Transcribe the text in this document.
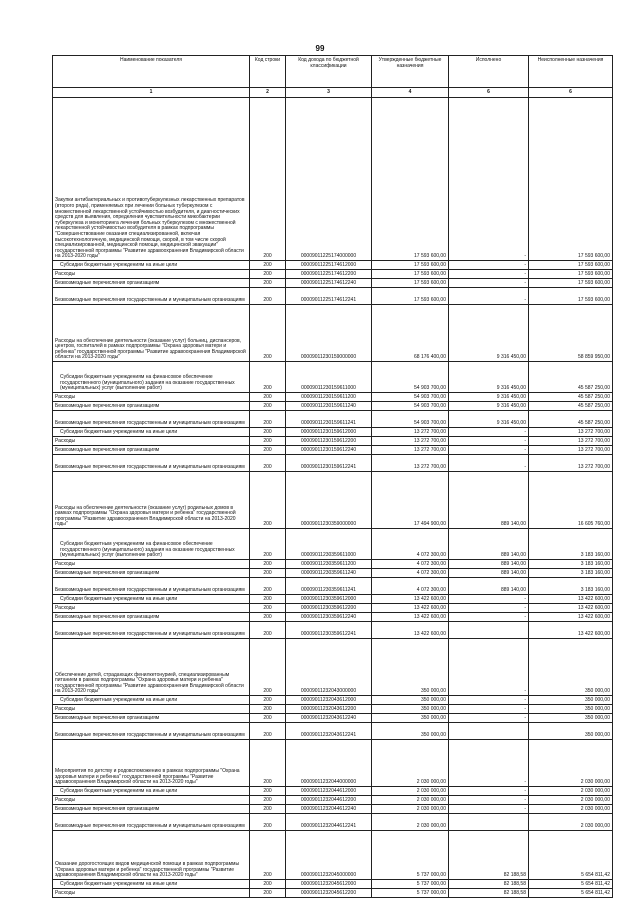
99
Наименование показателя	Код строки	Код дохода по бюджетной классификации	Утвержденные бюджетные назначения	Исполнено	Неисполненные назначения
1	2	3	4	6	6
Закупки антибактериальных и противотуберкулезных лекарственных препаратов (второго ряда), применяемых при лечении больных туберкулезом с множественной лекарственной устойчивостью возбудителя, и диагностических средств для выявления, определения чувствительности микобактерии туберкулеза и мониторинга лечения больных туберкулезом с множественной лекарственной устойчивостью возбудителя в рамках подпрограммы "Совершенствование оказания специализированной, включая высокотехнологичную, медицинской помощи, скорой, в том числе скорой специализированной, медицинской помощи, медицинской эвакуации" государственной программы "Развитие здравоохранения Владимирской области на 2013-2020 годы"	200	00009011225174000000	17 593 600,00	-	17 593 600,00
Субсидии бюджетным учреждениям на иные цели	200	00009011225174612000	17 593 600,00	-	17 593 600,00
Расходы	200	00009011225174612200	17 593 600,00	-	17 593 600,00
Безвозмездные перечисления организациям	200	00009011225174612240	17 593 600,00	-	17 593 600,00
Безвозмездные перечисления государственным и муниципальным организациям	200	00009011225174612241	17 593 600,00	-	17 593 600,00
Расходы на обеспечение деятельности (оказание услуг) больниц, диспансеров, центров, госпиталей в рамках подпрограммы "Охрана здоровья матери и ребенка" государственной программы "Развитие здравоохранения Владимирской области на 2013-2020 годы"	200	00009011230159000000	68 176 400,00	9 316 450,00	58 859 950,00
Субсидии бюджетным учреждениям на финансовое обеспечение государственного (муниципального) задания на оказание государственных (муниципальных) услуг (выполнение работ)	200	00009011230159611000	54 903 700,00	9 316 450,00	45 587 250,00
Расходы	200	00009011230159611200	54 903 700,00	9 316 450,00	45 587 250,00
Безвозмездные перечисления организациям	200	00009011230159611240	54 903 700,00	9 316 450,00	45 587 250,00
Безвозмездные перечисления государственным и муниципальным организациям	200	00009011230159611241	54 903 700,00	9 316 450,00	45 587 250,00
Субсидии бюджетным учреждениям на иные цели	200	00009011230159612000	13 272 700,00	-	13 272 700,00
Расходы	200	00009011230159612200	13 272 700,00	-	13 272 700,00
Безвозмездные перечисления организациям	200	00009011230159612240	13 272 700,00	-	13 272 700,00
Безвозмездные перечисления государственным и муниципальным организациям	200	00009011230159612241	13 272 700,00	-	13 272 700,00
Расходы на обеспечение деятельности (оказание услуг) родильных домов в рамках подпрограммы "Охрана здоровья матери и ребенка" государственной программы "Развитие здравоохранения Владимирской области на 2013-2020 годы"	200	00009011230359000000	17 494 900,00	889 140,00	16 605 760,00
Субсидии бюджетным учреждениям на финансовое обеспечение государственного (муниципального) задания на оказание государственных (муниципальных) услуг (выполнение работ)	200	00009011230359611000	4 072 300,00	889 140,00	3 183 160,00
Расходы	200	00009011230359611200	4 072 300,00	889 140,00	3 183 160,00
Безвозмездные перечисления организациям	200	00009011230359611240	4 072 300,00	889 140,00	3 183 160,00
Безвозмездные перечисления государственным и муниципальным организациям	200	00009011230359611241	4 072 300,00	889 140,00	3 183 160,00
Субсидии бюджетным учреждениям на иные цели	200	00009011230359612000	13 422 600,00	-	13 422 600,00
Расходы	200	00009011230359612200	13 422 600,00	-	13 422 600,00
Безвозмездные перечисления организациям	200	00009011230359612240	13 422 600,00	-	13 422 600,00
Безвозмездные перечисления государственным и муниципальным организациям	200	00009011230359612241	13 422 600,00		13 422 600,00
Обеспечение детей, страдающих фенилкетонурией, специализированным питанием в рамках подпрограммы "Охрана здоровья матери и ребенка" государственной программы "Развитие здравоохранения Владимирской области на 2013-2020 годы"	200	00009011232043000000	350 000,00	-	350 000,00
Субсидии бюджетным учреждениям на иные цели	200	00009011232043612000	350 000,00	-	350 000,00
Расходы	200	00009011232043612200	350 000,00	-	350 000,00
Безвозмездные перечисления организациям	200	00009011232043612240	350 000,00	-	350 000,00
Безвозмездные перечисления государственным и муниципальным организациям	200	00009011232043612241	350 000,00		350 000,00
Мероприятия по детству и родовспоможению в рамках подпрограммы "Охрана здоровья матери и ребенка" государственной программы "Развитие здравоохранения Владимирской области на 2013-2020 годы"	200	00009011232044000000	2 030 000,00	-	2 030 000,00
Субсидии бюджетным учреждениям на иные цели	200	00009011232044612000	2 030 000,00	-	2 030 000,00
Расходы	200	00009011232044612200	2 030 000,00	-	2 030 000,00
Безвозмездные перечисления организациям	200	00009011232044612240	2 030 000,00	-	2 030 000,00
Безвозмездные перечисления государственным и муниципальным организациям	200	00009011232044612241	2 030 000,00		2 030 000,00
Оказание дорогостоящих видов медицинской помощи в рамках подпрограммы "Охрана здоровья матери и ребенка" государственной программы "Развитие здравоохранения Владимирской области на 2013-2020 годы"	200	00009011232045000000	5 737 000,00	82 188,58	5 654 811,42
Субсидии бюджетным учреждениям на иные цели	200	00009011232045612000	5 737 000,00	82 188,58	5 654 811,42
Расходы	200	00009011232045612200	5 737 000,00	82 188,58	5 654 811,42
